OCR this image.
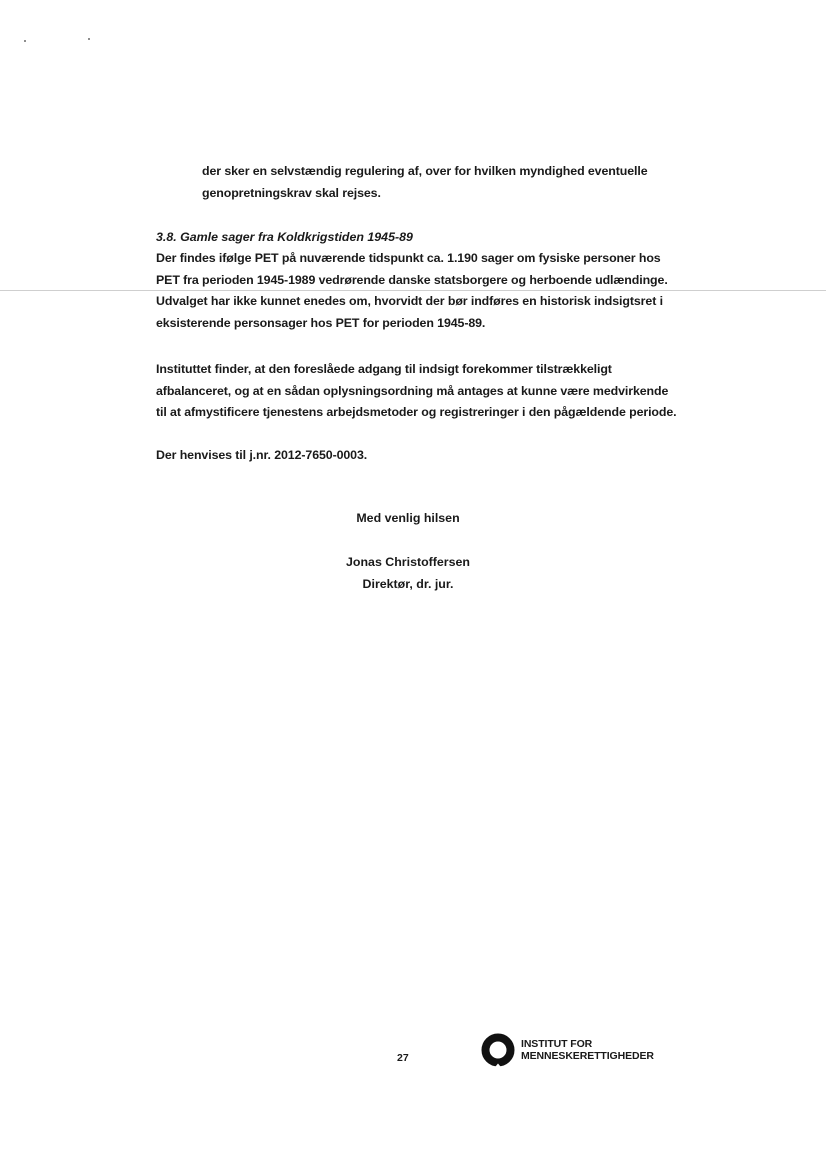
der sker en selvstændig regulering af, over for hvilken myndighed eventuelle
genopretningskrav skal rejses.

3.8. Gamle sager fra Koldkrigstiden 1945-89

Der findes ifølge PET på nuværende tidspunkt ca. 1.190 sager om fysiske personer hos
PET fra perioden 1945-1989 vedrørende danske statsborgere og herboende udlændinge.
Udvalget har ikke kunnet enedes om, hvorvidt der bør indføres en historisk indsigtsret i
eksisterende personsager hos PET for perioden 1945-89.

Instituttet finder, at den foreslåede adgang til indsigt forekommer tilstrækkeligt
afbalanceret, og at en sådan oplysningsordning må antages at kunne være medvirkende
til at afmystificere tjenestens arbejdsmetoder og registreringer i den pågældende periode.

Der henvises til j.nr. 2012-7650-0003.

Med venlig hilsen

Jonas Christoffersen

Direktør, dr. jur.

27

INSTITUT FOR
MENNESKERETTIGHEDER
